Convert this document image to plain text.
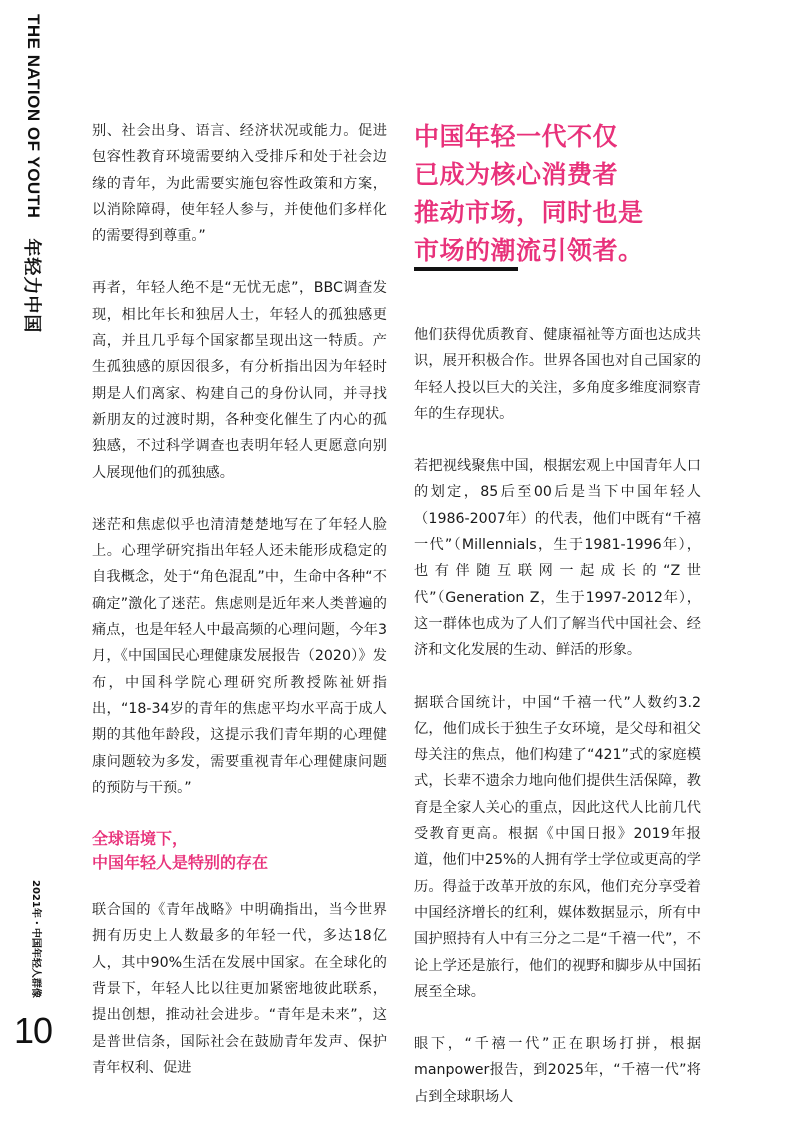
年轻力中国
THE NATION OF YOUTH
2021年・中国年轻人群像
10

别、社会出身、语言、经济状况或能力。促进包容性教育环境需要纳入受排斥和处于社会边缘的青年，为此需要实施包容性政策和方案，以消除障碍，使年轻人参与，并使他们多样化的需要得到尊重。”

再者，年轻人绝不是“无忧无虑”，BBC调查发现，相比年长和独居人士，年轻人的孤独感更高，并且几乎每个国家都呈现出这一特质。产生孤独感的原因很多，有分析指出因为年轻时期是人们离家、构建自己的身份认同，并寻找新朋友的过渡时期，各种变化催生了内心的孤独感，不过科学调查也表明年轻人更愿意向别人展现他们的孤独感。

迷茫和焦虑似乎也清清楚楚地写在了年轻人脸上。心理学研究指出年轻人还未能形成稳定的自我概念，处于“角色混乱”中，生命中各种“不确定”激化了迷茫。焦虑则是近年来人类普遍的痛点，也是年轻人中最高频的心理问题，今年3月，《中国国民心理健康发展报告（2020）》发布，中国科学院心理研究所教授陈祉妍指出，“18-34岁的青年的焦虑平均水平高于成人期的其他年龄段，这提示我们青年期的心理健康问题较为多发，需要重视青年心理健康问题的预防与干预。”

全球语境下，
中国年轻人是特别的存在

联合国的《青年战略》中明确指出，当今世界拥有历史上人数最多的年轻一代，多达18亿人，其中90%生活在发展中国家。在全球化的背景下，年轻人比以往更加紧密地彼此联系，提出创想，推动社会进步。“青年是未来”，这是普世信条，国际社会在鼓励青年发声、保护青年权利、促进

中国年轻一代不仅
已成为核心消费者
推动市场，同时也是
市场的潮流引领者。

他们获得优质教育、健康福祉等方面也达成共识，展开积极合作。世界各国也对自己国家的年轻人投以巨大的关注，多角度多维度洞察青年的生存现状。

若把视线聚焦中国，根据宏观上中国青年人口的划定，85后至00后是当下中国年轻人（1986-2007年）的代表，他们中既有“千禧一代”（Millennials，生于1981-1996年），也有伴随互联网一起成长的“Z世代”（Generation Z，生于1997-2012年），这一群体也成为了人们了解当代中国社会、经济和文化发展的生动、鲜活的形象。

据联合国统计，中国“千禧一代”人数约3.2亿，他们成长于独生子女环境，是父母和祖父母关注的焦点，他们构建了“421”式的家庭模式，长辈不遗余力地向他们提供生活保障，教育是全家人关心的重点，因此这代人比前几代受教育更高。根据《中国日报》2019年报道，他们中25%的人拥有学士学位或更高的学历。得益于改革开放的东风，他们充分享受着中国经济增长的红利，媒体数据显示，所有中国护照持有人中有三分之二是“千禧一代”，不论上学还是旅行，他们的视野和脚步从中国拓展至全球。

眼下，“千禧一代”正在职场打拼，根据manpower报告，到2025年，“千禧一代”将占到全球职场人
